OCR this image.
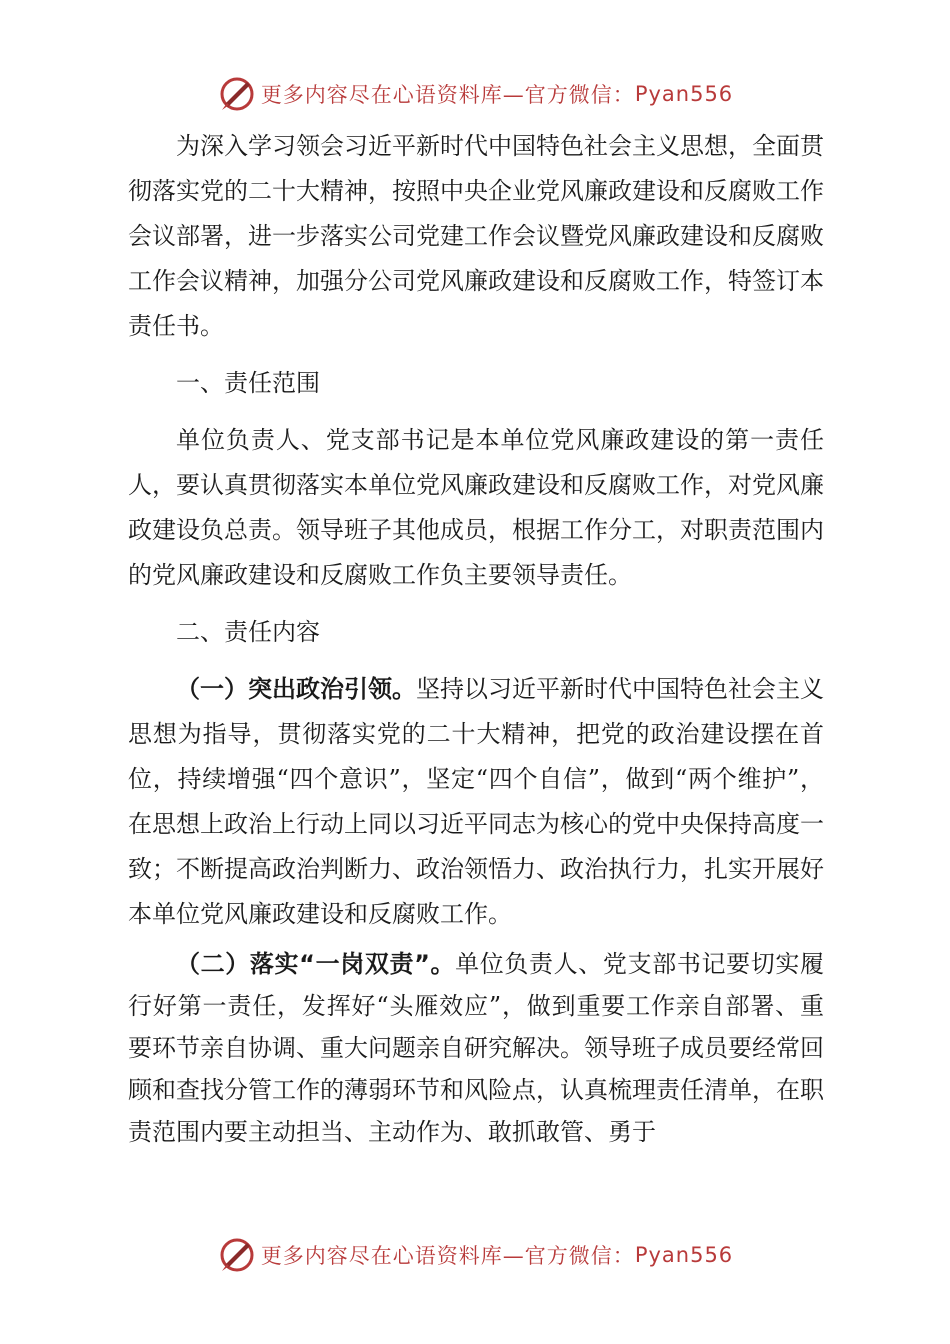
更多内容尽在心语资料库—官方微信： Pyan556

为深入学习领会习近平新时代中国特色社会主义思想，全面贯彻落实党的二十大精神，按照中央企业党风廉政建设和反腐败工作会议部署，进一步落实公司党建工作会议暨党风廉政建设和反腐败工作会议精神，加强分公司党风廉政建设和反腐败工作，特签订本责任书。

一、责任范围

单位负责人、党支部书记是本单位党风廉政建设的第一责任人，要认真贯彻落实本单位党风廉政建设和反腐败工作，对党风廉政建设负总责。领导班子其他成员，根据工作分工，对职责范围内的党风廉政建设和反腐败工作负主要领导责任。

二、责任内容

（一）突出政治引领。坚持以习近平新时代中国特色社会主义思想为指导，贯彻落实党的二十大精神，把党的政治建设摆在首位，持续增强“四个意识”，坚定“四个自信”，做到“两个维护”，在思想上政治上行动上同以习近平同志为核心的党中央保持高度一致；不断提高政治判断力、政治领悟力、政治执行力，扎实开展好本单位党风廉政建设和反腐败工作。

（二）落实“一岗双责”。单位负责人、党支部书记要切实履行好第一责任，发挥好“头雁效应”，做到重要工作亲自部署、重要环节亲自协调、重大问题亲自研究解决。领导班子成员要经常回顾和查找分管工作的薄弱环节和风险点，认真梳理责任清单，在职责范围内要主动担当、主动作为、敢抓敢管、勇于

更多内容尽在心语资料库—官方微信： Pyan556
